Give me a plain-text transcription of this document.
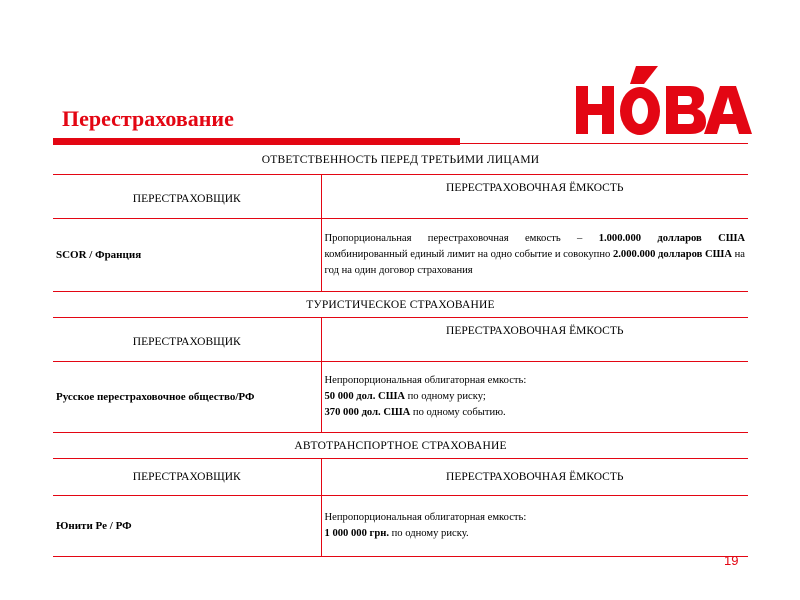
Перестрахование
ОТВЕТСТВЕННОСТЬ ПЕРЕД ТРЕТЬИМИ ЛИЦАМИ	
ПЕРЕСТРАХОВЩИК	ПЕРЕСТРАХОВОЧНАЯ ЁМКОСТЬ
SCOR / Франция	Пропорциональная перестраховочная емкость – 1.000.000 долларов США комбинированный единый лимит на одно событие и совокупно 2.000.000 долларов США на год на один договор страхования
ТУРИСТИЧЕСКОЕ СТРАХОВАНИЕ	
ПЕРЕСТРАХОВЩИК	ПЕРЕСТРАХОВОЧНАЯ ЁМКОСТЬ
Русское перестраховочное общество/РФ	Непропорциональная облигаторная емкость:
50 000 дол. США по одному риску;
370 000 дол. США по одному событию.

АВТОТРАНСПОРТНОЕ СТРАХОВАНИЕ	
ПЕРЕСТРАХОВЩИК	ПЕРЕСТРАХОВОЧНАЯ ЁМКОСТЬ
Юнити Ре / РФ	Непропорциональная облигаторная емкость:
1 000 000 грн. по одному риску.
19
